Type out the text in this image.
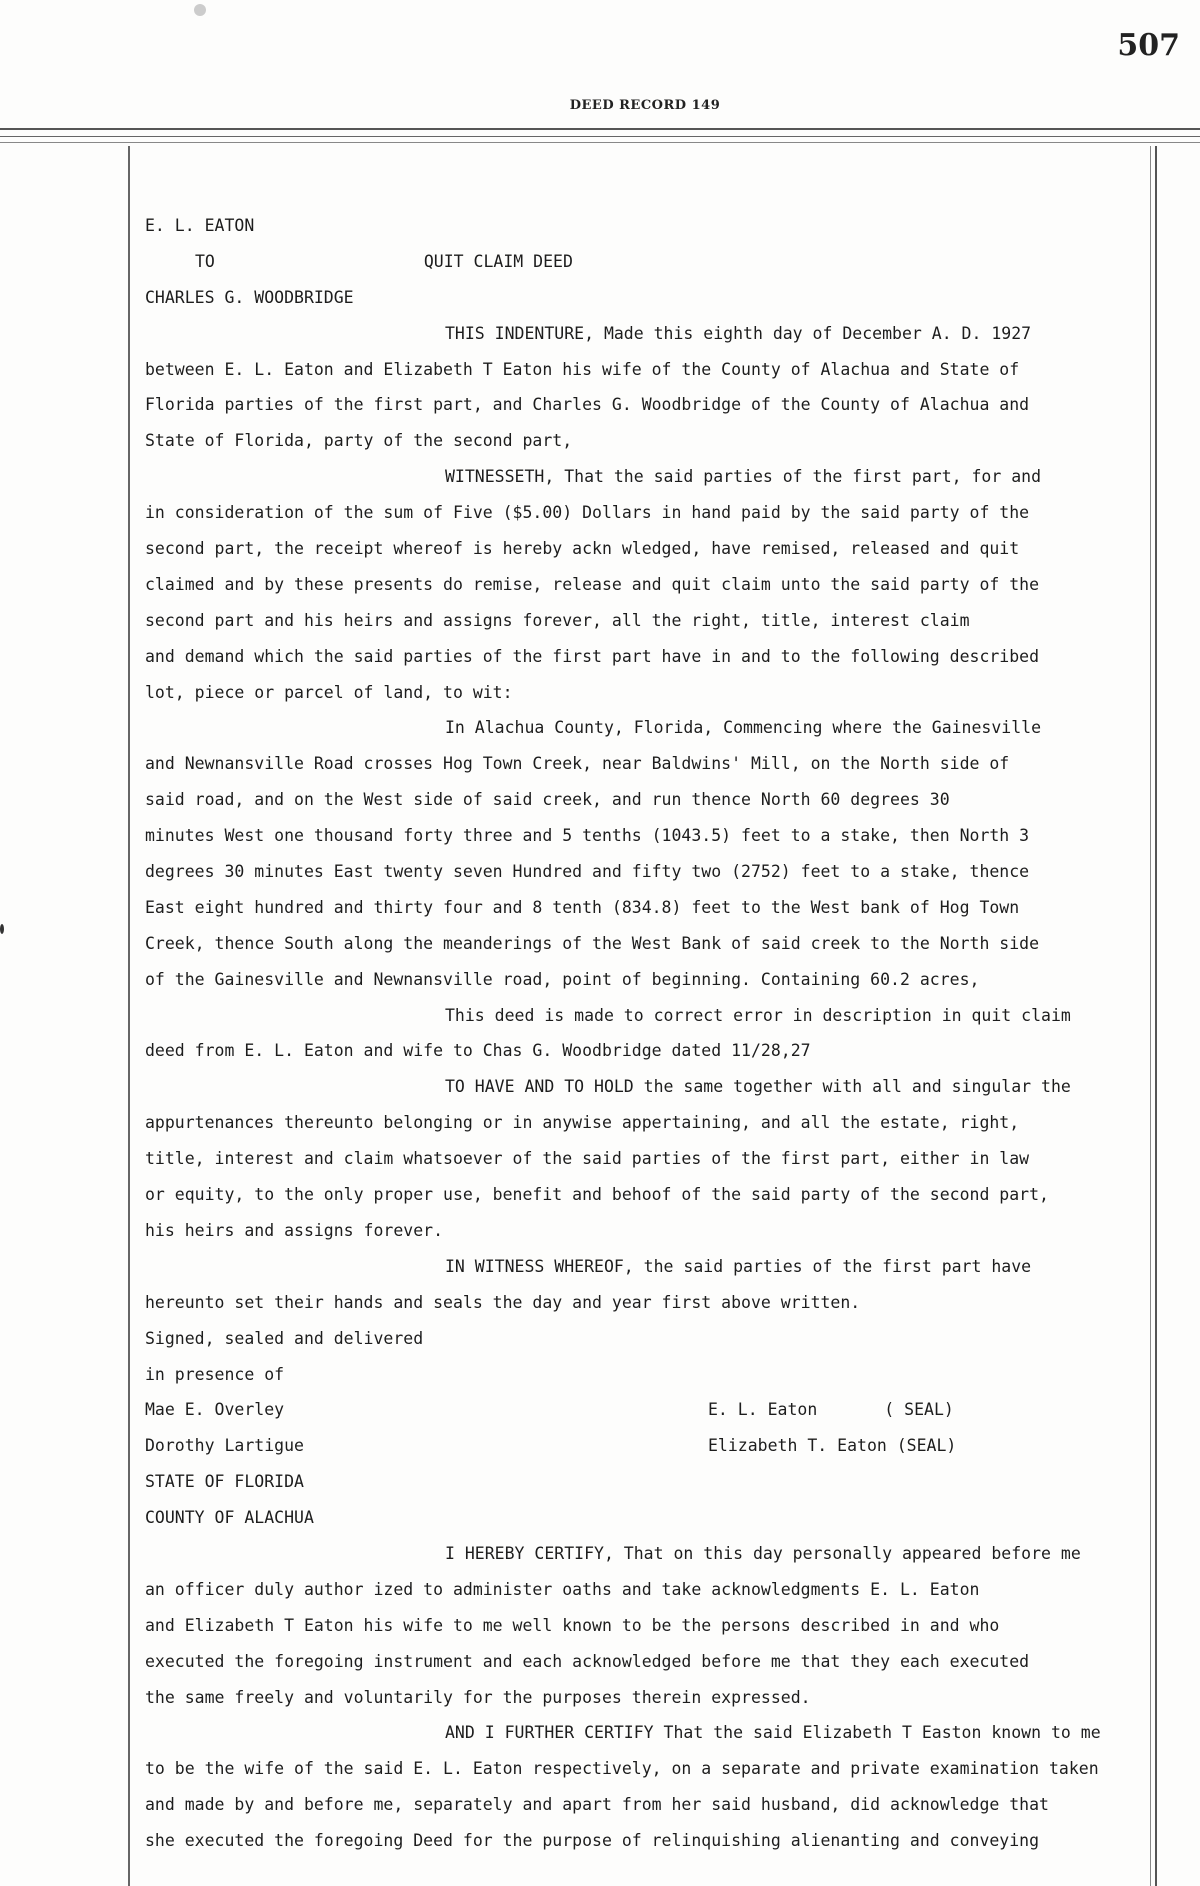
507
DEED RECORD 149
E. L. EATON
TO	QUIT CLAIM DEED
CHARLES G. WOODBRIDGE
THIS INDENTURE, Made this eighth day of December A. D. 1927
between E. L. Eaton and Elizabeth T Eaton his wife of the County of Alachua and State of
Florida parties of the first part, and Charles G. Woodbridge of the County of Alachua and
State of Florida, party of the second part,
WITNESSETH, That the said parties of the first part, for and
in consideration of the sum of Five ($5.00) Dollars in hand paid by the said party of the
second part, the receipt whereof is hereby ackn wledged, have remised, released and quit
claimed and by these presents do remise, release and quit claim unto the said party of the
second part and his heirs and assigns forever, all the right, title, interest claim
and demand which the said parties of the first part have in and to the following described
lot, piece or parcel of land, to wit:
In Alachua County, Florida, Commencing where the Gainesville
and Newnansville Road crosses Hog Town Creek, near Baldwins' Mill, on the North side of
said road, and on the West side of said creek, and run thence North 60 degrees 30
minutes West one thousand forty three and 5 tenths (1043.5) feet to a stake, then North 3
degrees 30 minutes East twenty seven Hundred and fifty two (2752) feet to a stake, thence
East eight hundred and thirty four and 8 tenth (834.8) feet to the West bank of Hog Town
Creek, thence South along the meanderings of the West Bank of said creek to the North side
of the Gainesville and Newnansville road, point of beginning. Containing 60.2 acres,
This deed is made to correct error in description in quit claim
deed from E. L. Eaton and wife to Chas G. Woodbridge dated 11/28,27
TO HAVE AND TO HOLD the same together with all and singular the
appurtenances thereunto belonging or in anywise appertaining, and all the estate, right,
title, interest and claim whatsoever of the said parties of the first part, either in law
or equity, to the only proper use, benefit and behoof of the said party of the second part,
his heirs and assigns forever.
IN WITNESS WHEREOF, the said parties of the first part have
hereunto set their hands and seals the day and year first above written.
Signed, sealed and delivered
in presence of
Mae E. Overley	E. L. Eaton	( SEAL)
Dorothy Lartigue	Elizabeth T. Eaton (SEAL)
STATE OF FLORIDA
COUNTY OF ALACHUA
I HEREBY CERTIFY, That on this day personally appeared before me
an officer duly author ized to administer oaths and take acknowledgments E. L. Eaton
and Elizabeth T Eaton his wife to me well known to be the persons described in and who
executed the foregoing instrument and each acknowledged before me that they each executed
the same freely and voluntarily for the purposes therein expressed.
AND I FURTHER CERTIFY That the said Elizabeth T Easton known to me
to be the wife of the said E. L. Eaton respectively, on a separate and private examination taken
and made by and before me, separately and apart from her said husband, did acknowledge that
she executed the foregoing Deed for the purpose of relinquishing alienanting and conveying
